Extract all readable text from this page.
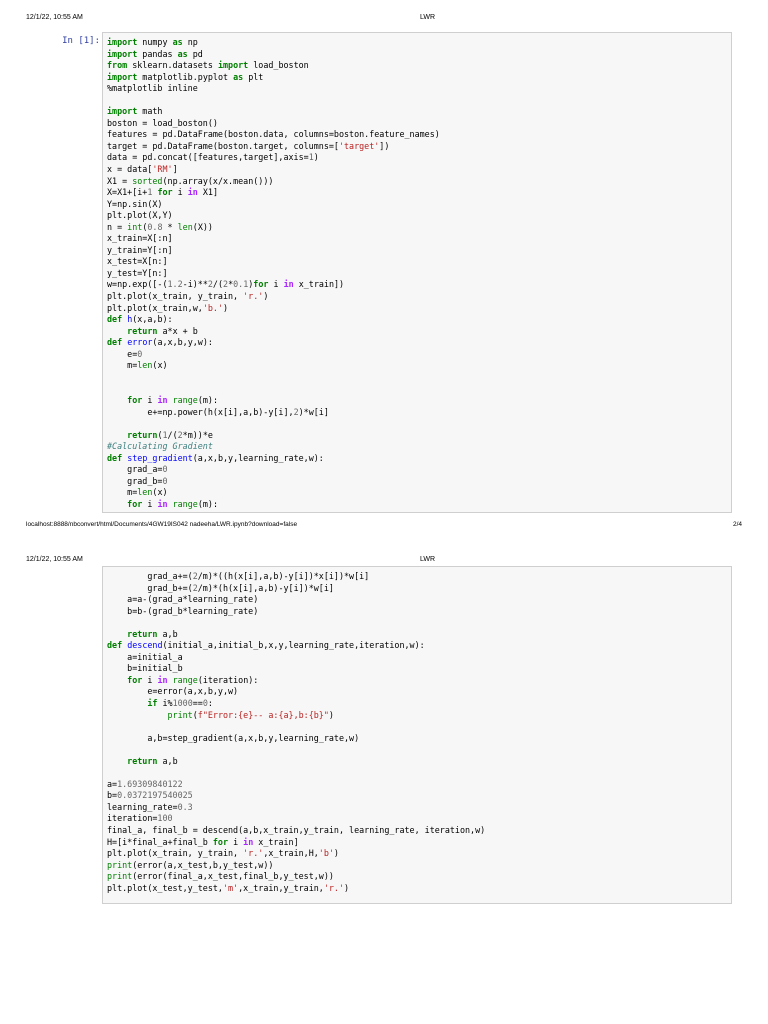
12/1/22, 10:55 AM	LWR
In [1]: import numpy as np
import pandas as pd
from sklearn.datasets import load_boston
import matplotlib.pyplot as plt
%matplotlib inline

import math
boston = load_boston()
features = pd.DataFrame(boston.data, columns=boston.feature_names)
target = pd.DataFrame(boston.target, columns=['target'])
data = pd.concat([features,target],axis=1)
x = data['RM']
X1 = sorted(np.array(x/x.mean()))
X=X1+[i+1 for i in X1]
Y=np.sin(X)
plt.plot(X,Y)
n = int(0.8 * len(X))
x_train=X[:n]
y_train=Y[:n]
x_test=X[n:]
y_test=Y[n:]
w=np.exp([-(1.2-i)**2/(2*0.1)for i in x_train])
plt.plot(x_train, y_train, 'r.')
plt.plot(x_train,w,'b.')
def h(x,a,b):
return a*x + b
def error(a,x,b,y,w):
e=0
m=len(x)

for i in range(m):
e+=np.power(h(x[i],a,b)-y[i],2)*w[i]

return(1/(2*m))*e
#Calculating Gradient
def step_gradient(a,x,b,y,learning_rate,w):
grad_a=0
grad_b=0
m=len(x)
for i in range(m):
localhost:8888/nbconvert/html/Documents/4GW19IS042 nadeeha/LWR.ipynb?download=false	2/4
12/1/22, 10:55 AM	LWR
grad_a+=(2/m)*((h(x[i],a,b)-y[i])*x[i])*w[i]
grad_b+=(2/m)*(h(x[i],a,b)-y[i])*w[i]
a=a-(grad_a*learning_rate)
b=b-(grad_b*learning_rate)

return a,b
def descend(initial_a,initial_b,x,y,learning_rate,iteration,w):
a=initial_a
b=initial_b
for i in range(iteration):
e=error(a,x,b,y,w)
if i%1000==0:
print(f"Error:{e}-- a:{a},b:{b}")

a,b=step_gradient(a,x,b,y,learning_rate,w)

return a,b

a=1.69309840122
b=0.0372197540025
learning_rate=0.3
iteration=100
final_a, final_b = descend(a,b,x_train,y_train, learning_rate, iteration,w)
H=[i*final_a+final_b for i in x_train]
plt.plot(x_train, y_train, 'r.',x_train,H,'b')
print(error(a,x_test,b,y_test,w))
print(error(final_a,x_test,final_b,y_test,w))
plt.plot(x_test,y_test,'m',x_train,y_train,'r.')
